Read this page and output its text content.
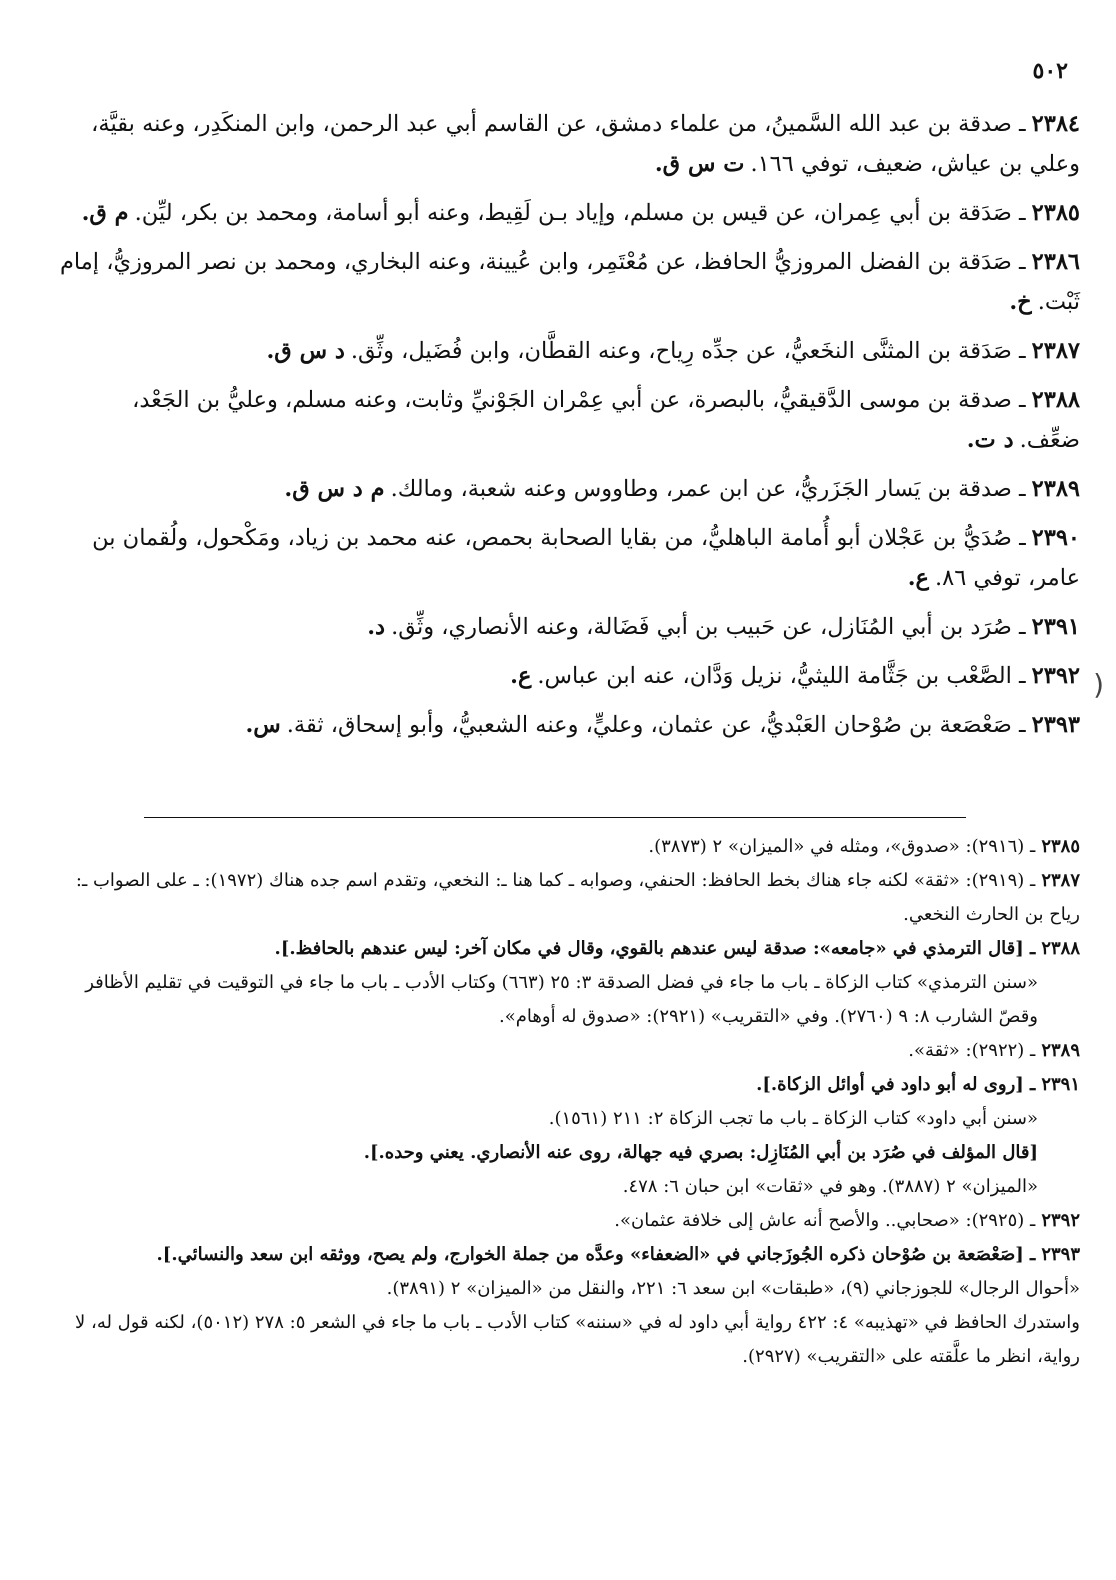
٥٠٢
٢٣٨٤ـ صدقة بن عبد الله السَّمينُ، من علماء دمشق، عن القاسم أبي عبد الرحمن، وابن المنكَدِر، وعنه بقيَّة، وعلي بن عياش، ضعيف، توفي ١٦٦.ت س ق.
٢٣٨٥ـ صَدَقة بن أبي عِمران، عن قيس بن مسلم، وإياد بـن لَقِيط، وعنه أبو أسامة، ومحمد بن بكر، ليِّن.م ق.
٢٣٨٦ـ صَدَقة بن الفضل المروزيُّ الحافظ، عن مُعْتَمِر، وابن عُيينة، وعنه البخاري، ومحمد بن نصر المروزيُّ، إمام ثَبْت.خ.
٢٣٨٧ـ صَدَقة بن المثنَّى النخَعيُّ، عن جدِّه رِياح، وعنه القطَّان، وابن فُضَيل، وثِّق.د س ق.
٢٣٨٨ـ صدقة بن موسى الدَّقيقيُّ، بالبصرة، عن أبي عِمْران الجَوْنيِّ وثابت، وعنه مسلم، وعليُّ بن الجَعْد، ضعِّف.د ت.
٢٣٨٩ـ صدقة بن يَسار الجَزَريُّ، عن ابن عمر، وطاووس وعنه شعبة، ومالك.م د س ق.
٢٣٩٠ـ صُدَيُّ بن عَجْلان أبو أُمامة الباهليُّ، من بقايا الصحابة بحمص، عنه محمد بن زياد، ومَكْحول، ولُقمان بن عامر، توفي ٨٦.ع.
٢٣٩١ـ صُرَد بن أبي المُنَازل، عن حَبيب بن أبي فَضَالة، وعنه الأنصاري، وثِّق.د.
٢٣٩٢ـ الصَّعْب بن جَثَّامة الليثيُّ، نزيل وَدَّان، عنه ابن عباس.ع.
٢٣٩٣ـ صَعْصَعة بن صُوْحان العَبْديُّ، عن عثمان، وعليٍّ، وعنه الشعبيُّ، وأبو إسحاق، ثقة.س.
(
٢٣٨٥ـ (٢٩١٦): «صدوق»، ومثله في «الميزان» ٢ (٣٨٧٣).
٢٣٨٧ـ (٢٩١٩): «ثقة» لكنه جاء هناك بخط الحافظ: الحنفي، وصوابه ـ كما هنا ـ: النخعي، وتقدم اسم جده هناك (١٩٧٢): ـ على الصواب ـ: رياح بن الحارث النخعي.
٢٣٨٨ـ [قال الترمذي في «جامعه»: صدقة ليس عندهم بالقوي، وقال في مكان آخر: ليس عندهم بالحافظ.].
«سنن الترمذي» كتاب الزكاة ـ باب ما جاء في فضل الصدقة ٣: ٢٥ (٦٦٣) وكتاب الأدب ـ باب ما جاء في التوقيت في تقليم الأظافر وقصّ الشارب ٨: ٩ (٢٧٦٠). وفي «التقريب» (٢٩٢١): «صدوق له أوهام».
٢٣٨٩ـ (٢٩٢٢): «ثقة».
٢٣٩١ـ [روى له أبو داود في أوائل الزكاة.].
«سنن أبي داود» كتاب الزكاة ـ باب ما تجب الزكاة ٢: ٢١١ (١٥٦١).
[قال المؤلف في صُرَد بن أبي المُنَازِل: بصري فيه جهالة، روى عنه الأنصاري. يعني وحده.].
«الميزان» ٢ (٣٨٨٧). وهو في «ثقات» ابن حبان ٦: ٤٧٨.
٢٣٩٢ـ (٢٩٢٥): «صحابي.. والأصح أنه عاش إلى خلافة عثمان».
٢٣٩٣ـ [صَعْصَعة بن صُوْحان ذكره الجُوزَجاني في «الضعفاء» وعدَّه من جملة الخوارج، ولم يصح، ووثقه ابن سعد والنسائي.].
«أحوال الرجال» للجوزجاني (٩)، «طبقات» ابن سعد ٦: ٢٢١، والنقل من «الميزان» ٢ (٣٨٩١).
واستدرك الحافظ في «تهذيبه» ٤: ٤٢٢ رواية أبي داود له في «سننه» كتاب الأدب ـ باب ما جاء في الشعر ٥: ٢٧٨ (٥٠١٢)، لكنه قول له، لا رواية، انظر ما علَّقته على «التقريب» (٢٩٢٧).
